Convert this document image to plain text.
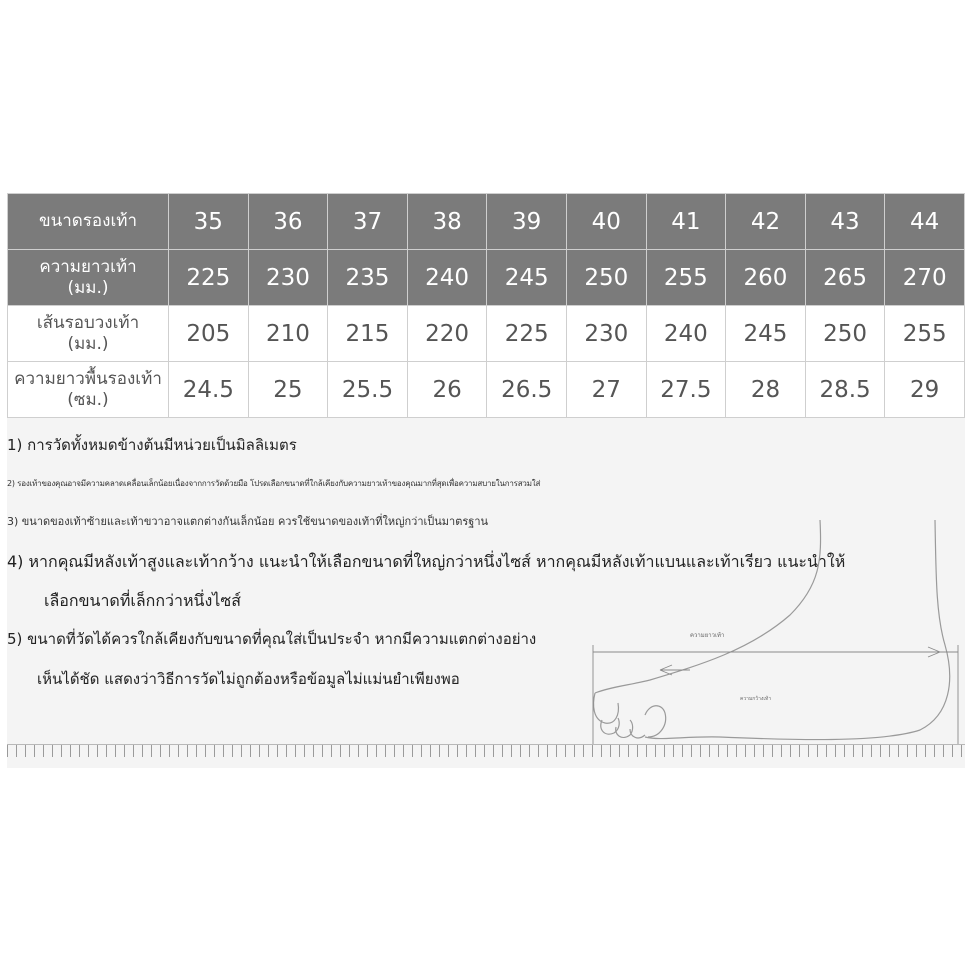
ขนาดรองเท้า	35	36	37	38	39	40	41	42	43	44

ความยาวเท้า
(มม.)	225	230	235	240	245	250	255	260	265	270

เส้นรอบวงเท้า
(มม.)	205	210	215	220	225	230	240	245	250	255

ความยาวพื้นรองเท้า
(ซม.)	24.5	25	25.5	26	26.5	27	27.5	28	28.5	29
1) การวัดทั้งหมดข้างต้นมีหน่วยเป็นมิลลิเมตร
2) รองเท้าของคุณอาจมีความคลาดเคลื่อนเล็กน้อยเนื่องจากการวัดด้วยมือ โปรดเลือกขนาดที่ใกล้เคียงกับความยาวเท้าของคุณมากที่สุดเพื่อความสบายในการสวมใส่
3) ขนาดของเท้าซ้ายและเท้าขวาอาจแตกต่างกันเล็กน้อย ควรใช้ขนาดของเท้าที่ใหญ่กว่าเป็นมาตรฐาน
4) หากคุณมีหลังเท้าสูงและเท้ากว้าง แนะนำให้เลือกขนาดที่ใหญ่กว่าหนึ่งไซส์ หากคุณมีหลังเท้าแบนและเท้าเรียว แนะนำให้
เลือกขนาดที่เล็กกว่าหนึ่งไซส์
5) ขนาดที่วัดได้ควรใกล้เคียงกับขนาดที่คุณใส่เป็นประจำ หากมีความแตกต่างอย่าง
เห็นได้ชัด แสดงว่าวิธีการวัดไม่ถูกต้องหรือข้อมูลไม่แม่นยำเพียงพอ
ความยาวเท้า
ความกว้างเท้า
